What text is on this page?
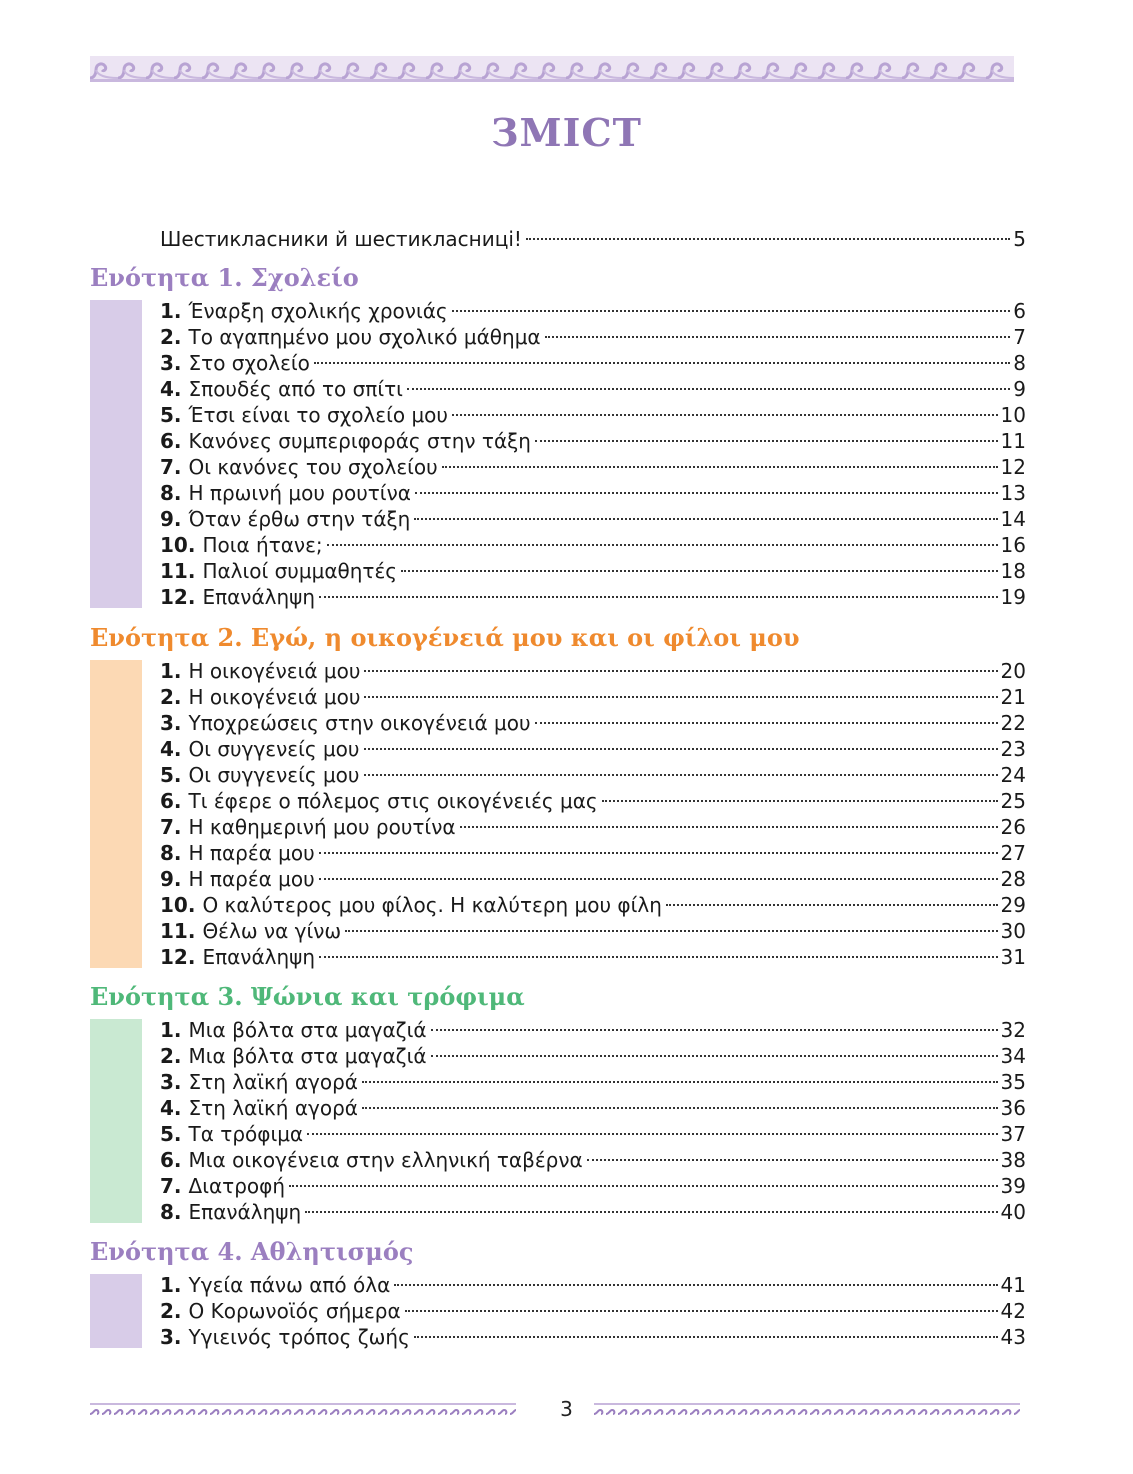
ЗМІСТ
Шестикласники й шестикласниці!	5
Ενότητα 1. Σχολείο
1. Έναρξη σχολικής χρονιάς	6
2. Το αγαπημένο μου σχολικό μάθημα	7
3. Στο σχολείο	8
4. Σπουδές από το σπίτι	9
5. Έτσι είναι το σχολείο μου	10
6. Κανόνες συμπεριφοράς στην τάξη	11
7. Οι κανόνες του σχολείου	12
8. Η πρωινή μου ρουτίνα	13
9. Όταν έρθω στην τάξη	14
10. Ποια ήτανε;	16
11. Παλιοί συμμαθητές	18
12. Επανάληψη	19
Ενότητα 2. Εγώ, η οικογένειά μου και οι φίλοι μου
1. Η οικογένειά μου	20
2. Η οικογένειά μου	21
3. Υποχρεώσεις στην οικογένειά μου	22
4. Οι συγγενείς μου	23
5. Οι συγγενείς μου	24
6. Τι έφερε ο πόλεμος στις οικογένειές μας	25
7. Η καθημερινή μου ρουτίνα	26
8. Η παρέα μου	27
9. Η παρέα μου	28
10. Ο καλύτερος μου φίλος. Η καλύτερη μου φίλη	29
11. Θέλω να γίνω	30
12. Επανάληψη	31
Ενότητα 3. Ψώνια και τρόφιμα
1. Μια βόλτα στα μαγαζιά	32
2. Μια βόλτα στα μαγαζιά	34
3. Στη λαϊκή αγορά	35
4. Στη λαϊκή αγορά	36
5. Τα τρόφιμα	37
6. Μια οικογένεια στην ελληνική ταβέρνα	38
7. Διατροφή	39
8. Επανάληψη	40
Ενότητα 4. Αθλητισμός
1. Υγεία πάνω από όλα	41
2. Ο Κορωνοϊός σήμερα	42
3. Υγιεινός τρόπος ζωής	43
3
